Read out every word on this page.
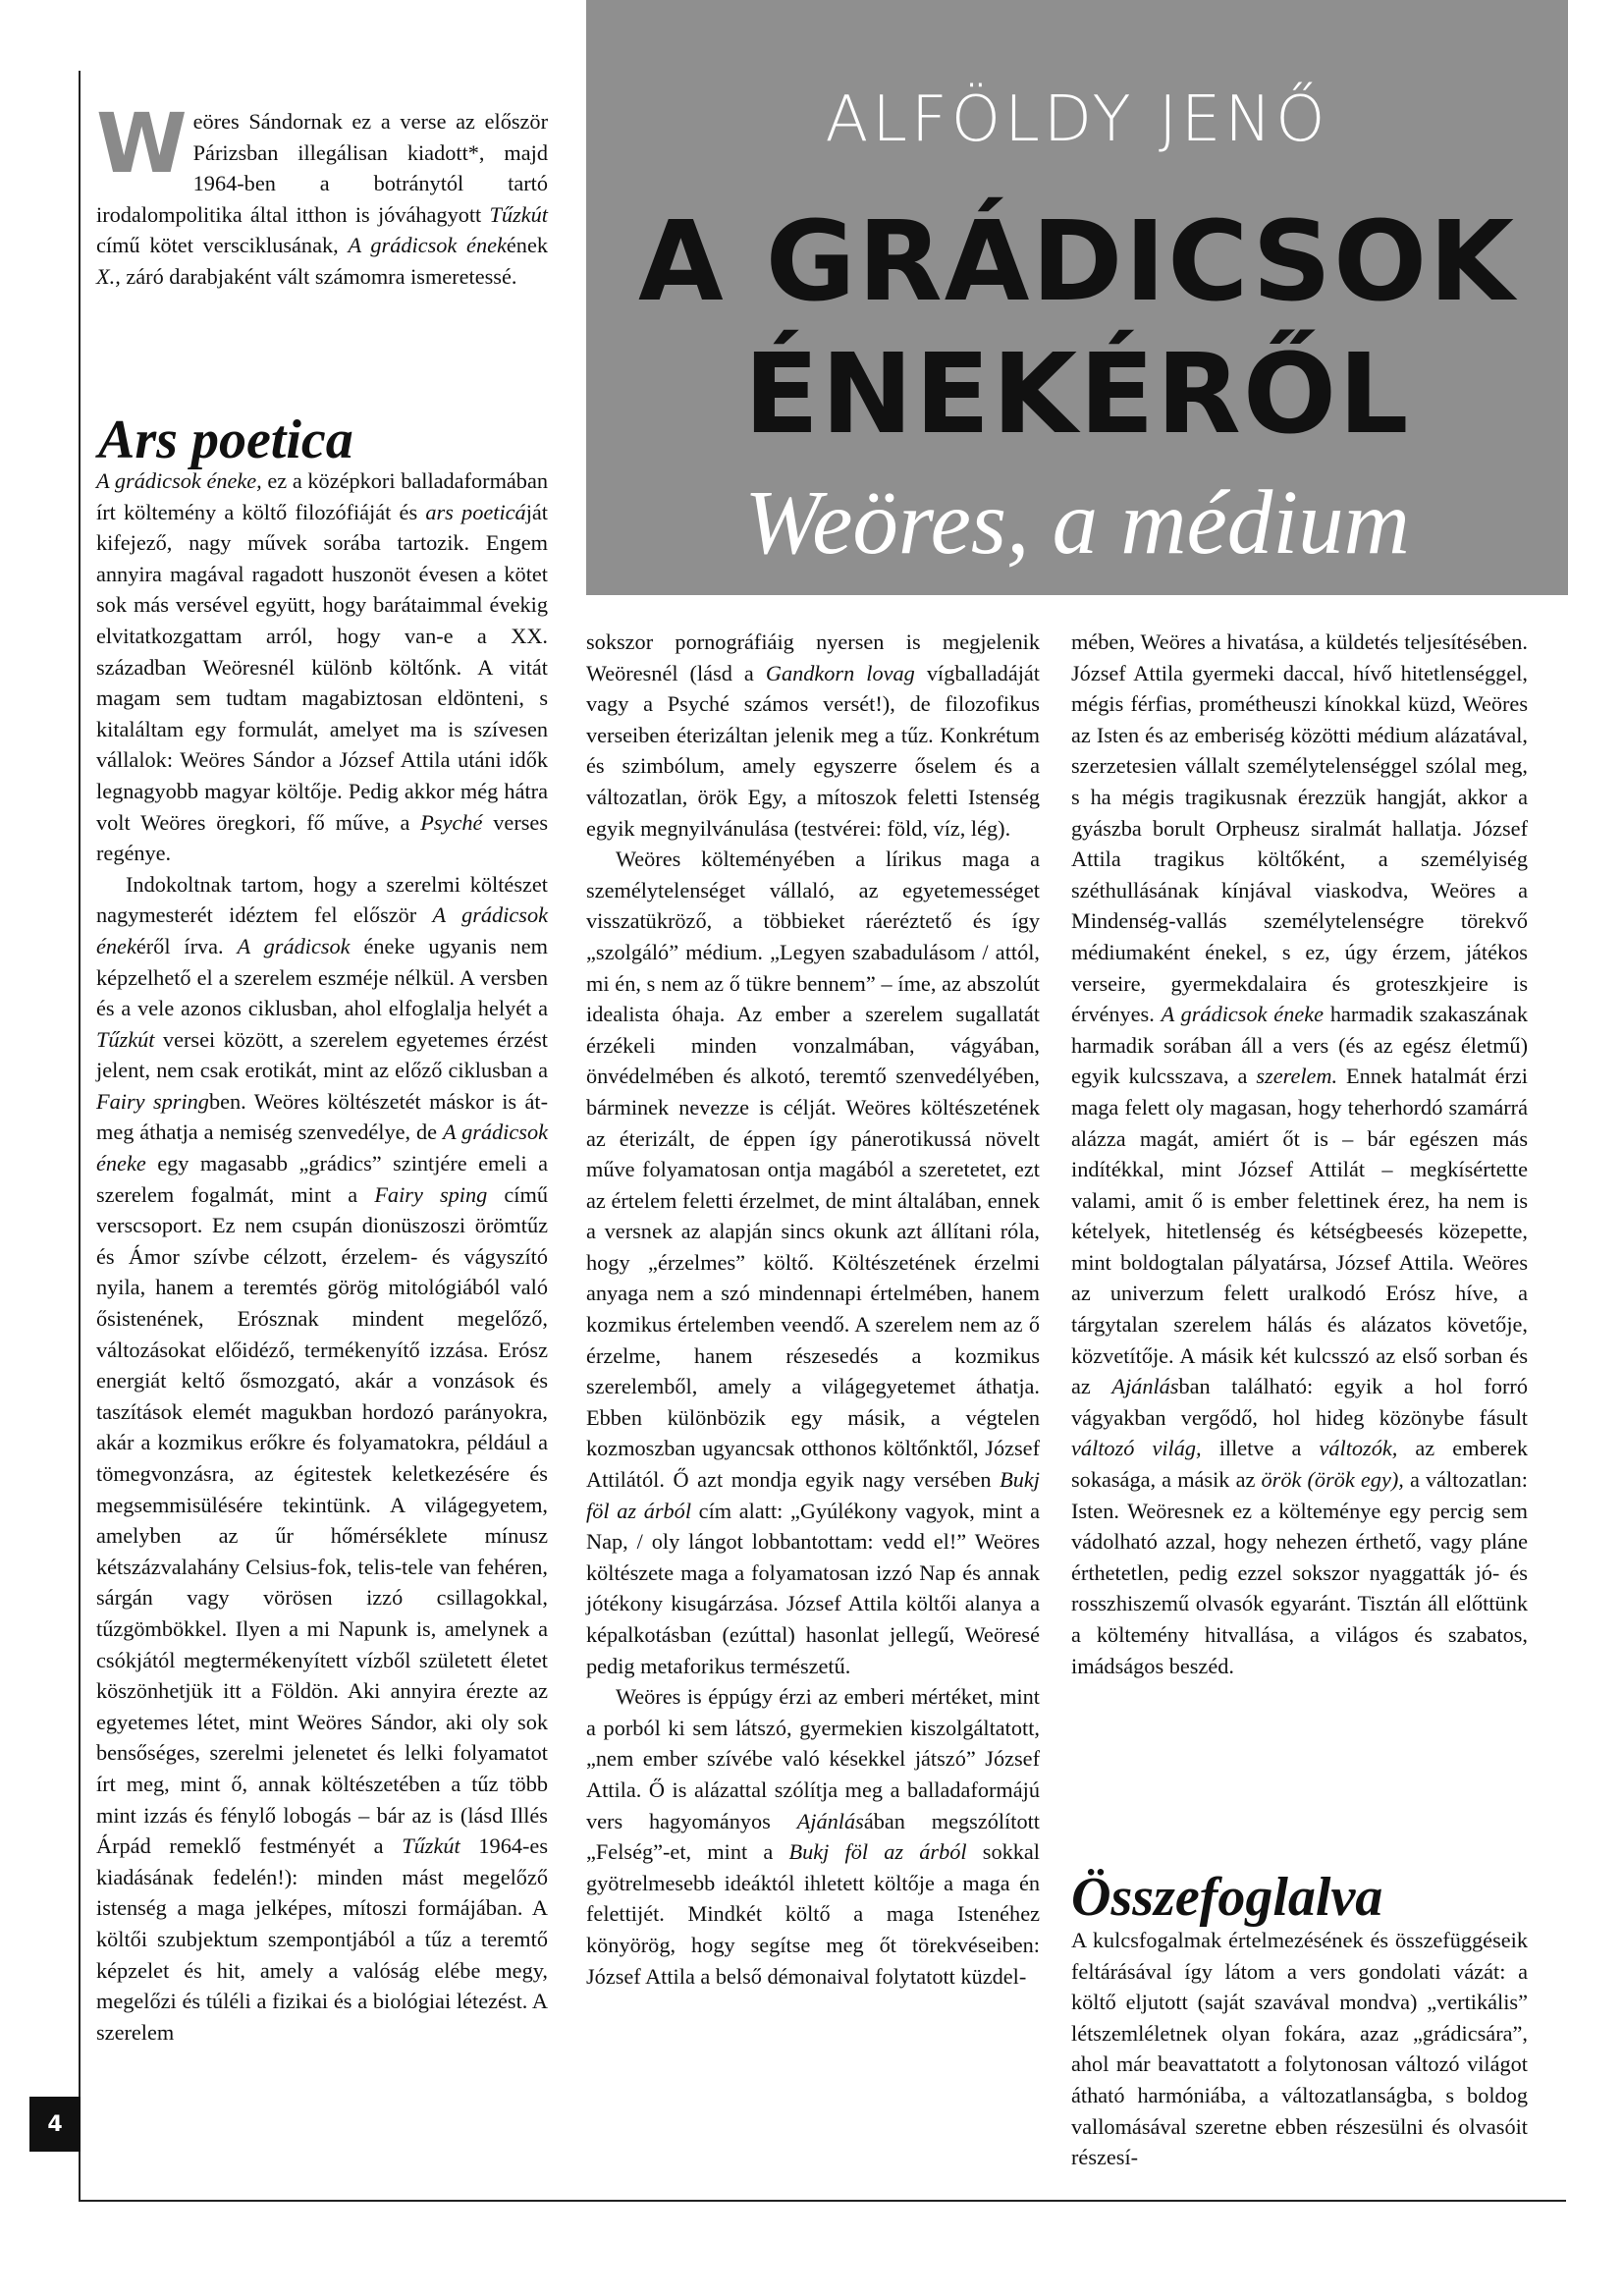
4
ALFÖLDY JENŐ
A GRÁDICSOK
ÉNEKÉRŐL
Weöres, a médium
W eöres Sándornak ez a verse az először Párizsban illegálisan kiadott*, majd 1964-ben a botránytól tartó irodalompolitika által itthon is jóváhagyott Tűzkút című kötet versciklusának, A grádicsok énekének X., záró darabjaként vált számomra ismeretessé.

Ars poetica

A grádicsok éneke, ez a középkori balladaformában írt költemény a költő filozófiáját és ars poeticáját kifejező, nagy művek sorába tartozik. Engem annyira magával ragadott huszonöt évesen a kötet sok más versével együtt, hogy barátaimmal évekig elvitatkozgattam arról, hogy van-e a XX. században Weöresnél különb költőnk. A vitát magam sem tudtam magabiztosan eldönteni, s kitaláltam egy formulát, amelyet ma is szívesen vállalok: Weöres Sándor a József Attila utáni idők legnagyobb magyar költője. Pedig akkor még hátra volt Weöres öregkori, fő műve, a Psyché verses regénye.

Indokoltnak tartom, hogy a szerelmi költészet nagymesterét idéztem fel először A grádicsok énekéről írva. A grádicsok éneke ugyanis nem képzelhető el a szerelem eszméje nélkül. A versben és a vele azonos ciklusban, ahol elfoglalja helyét a Tűzkút versei között, a szerelem egyetemes érzést jelent, nem csak erotikát, mint az előző ciklusban a Fairy springben. Weöres költészetét máskor is át- meg áthatja a nemiség szenvedélye, de A grádicsok éneke egy magasabb „grádics” szintjére emeli a szerelem fogalmát, mint a Fairy sping című verscsoport. Ez nem csupán dionüszoszi örömtűz és Ámor szívbe célzott, érzelem- és vágyszító nyila, hanem a teremtés görög mitológiából való ősistenének, Erósznak mindent megelőző, változásokat előidéző, termékenyítő izzása. Erósz energiát keltő ősmozgató, akár a vonzások és taszítások elemét magukban hordozó parányokra, akár a kozmikus erőkre és folyamatokra, például a tömegvonzásra, az égitestek keletkezésére és megsemmisülésére tekintünk. A világegyetem, amelyben az űr hőmérséklete mínusz kétszázvalahány Celsius-fok, telis-tele van fehéren, sárgán vagy vörösen izzó csillagokkal, tűzgömbökkel. Ilyen a mi Napunk is, amelynek a csókjától megtermékenyített vízből született életet köszönhetjük itt a Földön. Aki annyira érezte az egyetemes létet, mint Weöres Sándor, aki oly sok bensőséges, szerelmi jelenetet és lelki folyamatot írt meg, mint ő, annak költészetében a tűz több mint izzás és fénylő lobogás – bár az is (lásd Illés Árpád remeklő festményét a Tűzkút 1964-es kiadásának fedelén!): minden mást megelőző istenség a maga jelképes, mítoszi formájában. A költői szubjektum szempontjából a tűz a teremtő képzelet és hit, amely a valóság elébe megy, megelőzi és túléli a fizikai és a biológiai létezést. A szerelem

sokszor pornográfiáig nyersen is megjelenik Weöresnél (lásd a Gandkorn lovag vígballadáját vagy a Psyché számos versét!), de filozofikus verseiben éterizáltan jelenik meg a tűz. Konkrétum és szimbólum, amely egyszerre őselem és a változatlan, örök Egy, a mítoszok feletti Istenség egyik megnyilvánulása (testvérei: föld, víz, lég).

Weöres költeményében a lírikus maga a személytelenséget vállaló, az egyetemességet visszatükröző, a többieket ráeréztető és így „szolgáló” médium. „Legyen szabadulásom / attól, mi én, s nem az ő tükre bennem” – íme, az abszolút idealista óhaja. Az ember a szerelem sugallatát érzékeli minden vonzalmában, vágyában, önvédelmében és alkotó, teremtő szenvedélyében, bárminek nevezze is célját. Weöres költészetének az éterizált, de éppen így pánerotikussá növelt műve folyamatosan ontja magából a szeretetet, ezt az értelem feletti érzelmet, de mint általában, ennek a versnek az alapján sincs okunk azt állítani róla, hogy „érzelmes” költő. Költészetének érzelmi anyaga nem a szó mindennapi értelmében, hanem kozmikus értelemben veendő. A szerelem nem az ő érzelme, hanem részesedés a kozmikus szerelemből, amely a világegyetemet áthatja. Ebben különbözik egy másik, a végtelen kozmoszban ugyancsak otthonos költőnktől, József Attilától. Ő azt mondja egyik nagy versében Bukj föl az árból cím alatt: „Gyúlékony vagyok, mint a Nap, / oly lángot lobbantottam: vedd el!” Weöres költészete maga a folyamatosan izzó Nap és annak jótékony kisugárzása. József Attila költői alanya a képalkotásban (ezúttal) hasonlat jellegű, Weöresé pedig metaforikus természetű.

Weöres is éppúgy érzi az emberi mértéket, mint a porból ki sem látszó, gyermekien kiszolgáltatott, „nem ember szívébe való késekkel játszó” József Attila. Ő is alázattal szólítja meg a balladaformájú vers hagyományos Ajánlásában megszólított „Felség”-et, mint a Bukj föl az árból sokkal gyötrelmesebb ideáktól ihletett költője a maga én felettijét. Mindkét költő a maga Istenéhez könyörög, hogy segítse meg őt törekvéseiben: József Attila a belső démonaival folytatott küzdel-

mében, Weöres a hivatása, a küldetés teljesítésében. József Attila gyermeki daccal, hívő hitetlenséggel, mégis férfias, prométheuszi kínokkal küzd, Weöres az Isten és az emberiség közötti médium alázatával, szerzetesien vállalt személytelenséggel szólal meg, s ha mégis tragikusnak érezzük hangját, akkor a gyászba borult Orpheusz siralmát hallatja. József Attila tragikus költőként, a személyiség széthullásának kínjával viaskodva, Weöres a Mindenség-vallás személytelenségre törekvő médiumaként énekel, s ez, úgy érzem, játékos verseire, gyermekdalaira és groteszkjeire is érvényes. A grádicsok éneke harmadik szakaszának harmadik sorában áll a vers (és az egész életmű) egyik kulcsszava, a szerelem. Ennek hatalmát érzi maga felett oly magasan, hogy teherhordó szamárrá alázza magát, amiért őt is – bár egészen más indítékkal, mint József Attilát – megkísértette valami, amit ő is ember felettinek érez, ha nem is kételyek, hitetlenség és kétségbeesés közepette, mint boldogtalan pályatársa, József Attila. Weöres az univerzum felett uralkodó Erósz híve, a tárgytalan szerelem hálás és alázatos követője, közvetítője. A másik két kulcsszó az első sorban és az Ajánlásban található: egyik a hol forró vágyakban vergődő, hol hideg közönybe fásult változó világ, illetve a változók, az emberek sokasága, a másik az örök (örök egy), a változatlan: Isten. Weöresnek ez a költeménye egy percig sem vádolható azzal, hogy nehezen érthető, vagy pláne érthetetlen, pedig ezzel sokszor nyaggatták jó- és rosszhiszemű olvasók egyaránt. Tisztán áll előttünk a költemény hitvallása, a világos és szabatos, imádságos beszéd.

Összefoglalva

A kulcsfogalmak értelmezésének és összefüggéseik feltárásával így látom a vers gondolati vázát: a költő eljutott (saját szavával mondva) „vertikális” létszemléletnek olyan fokára, azaz „grádicsára”, ahol már beavattatott a folytonosan változó világot átható harmóniába, a változatlanságba, s boldog vallomásával szeretne ebben részesülni és olvasóit részesí-
